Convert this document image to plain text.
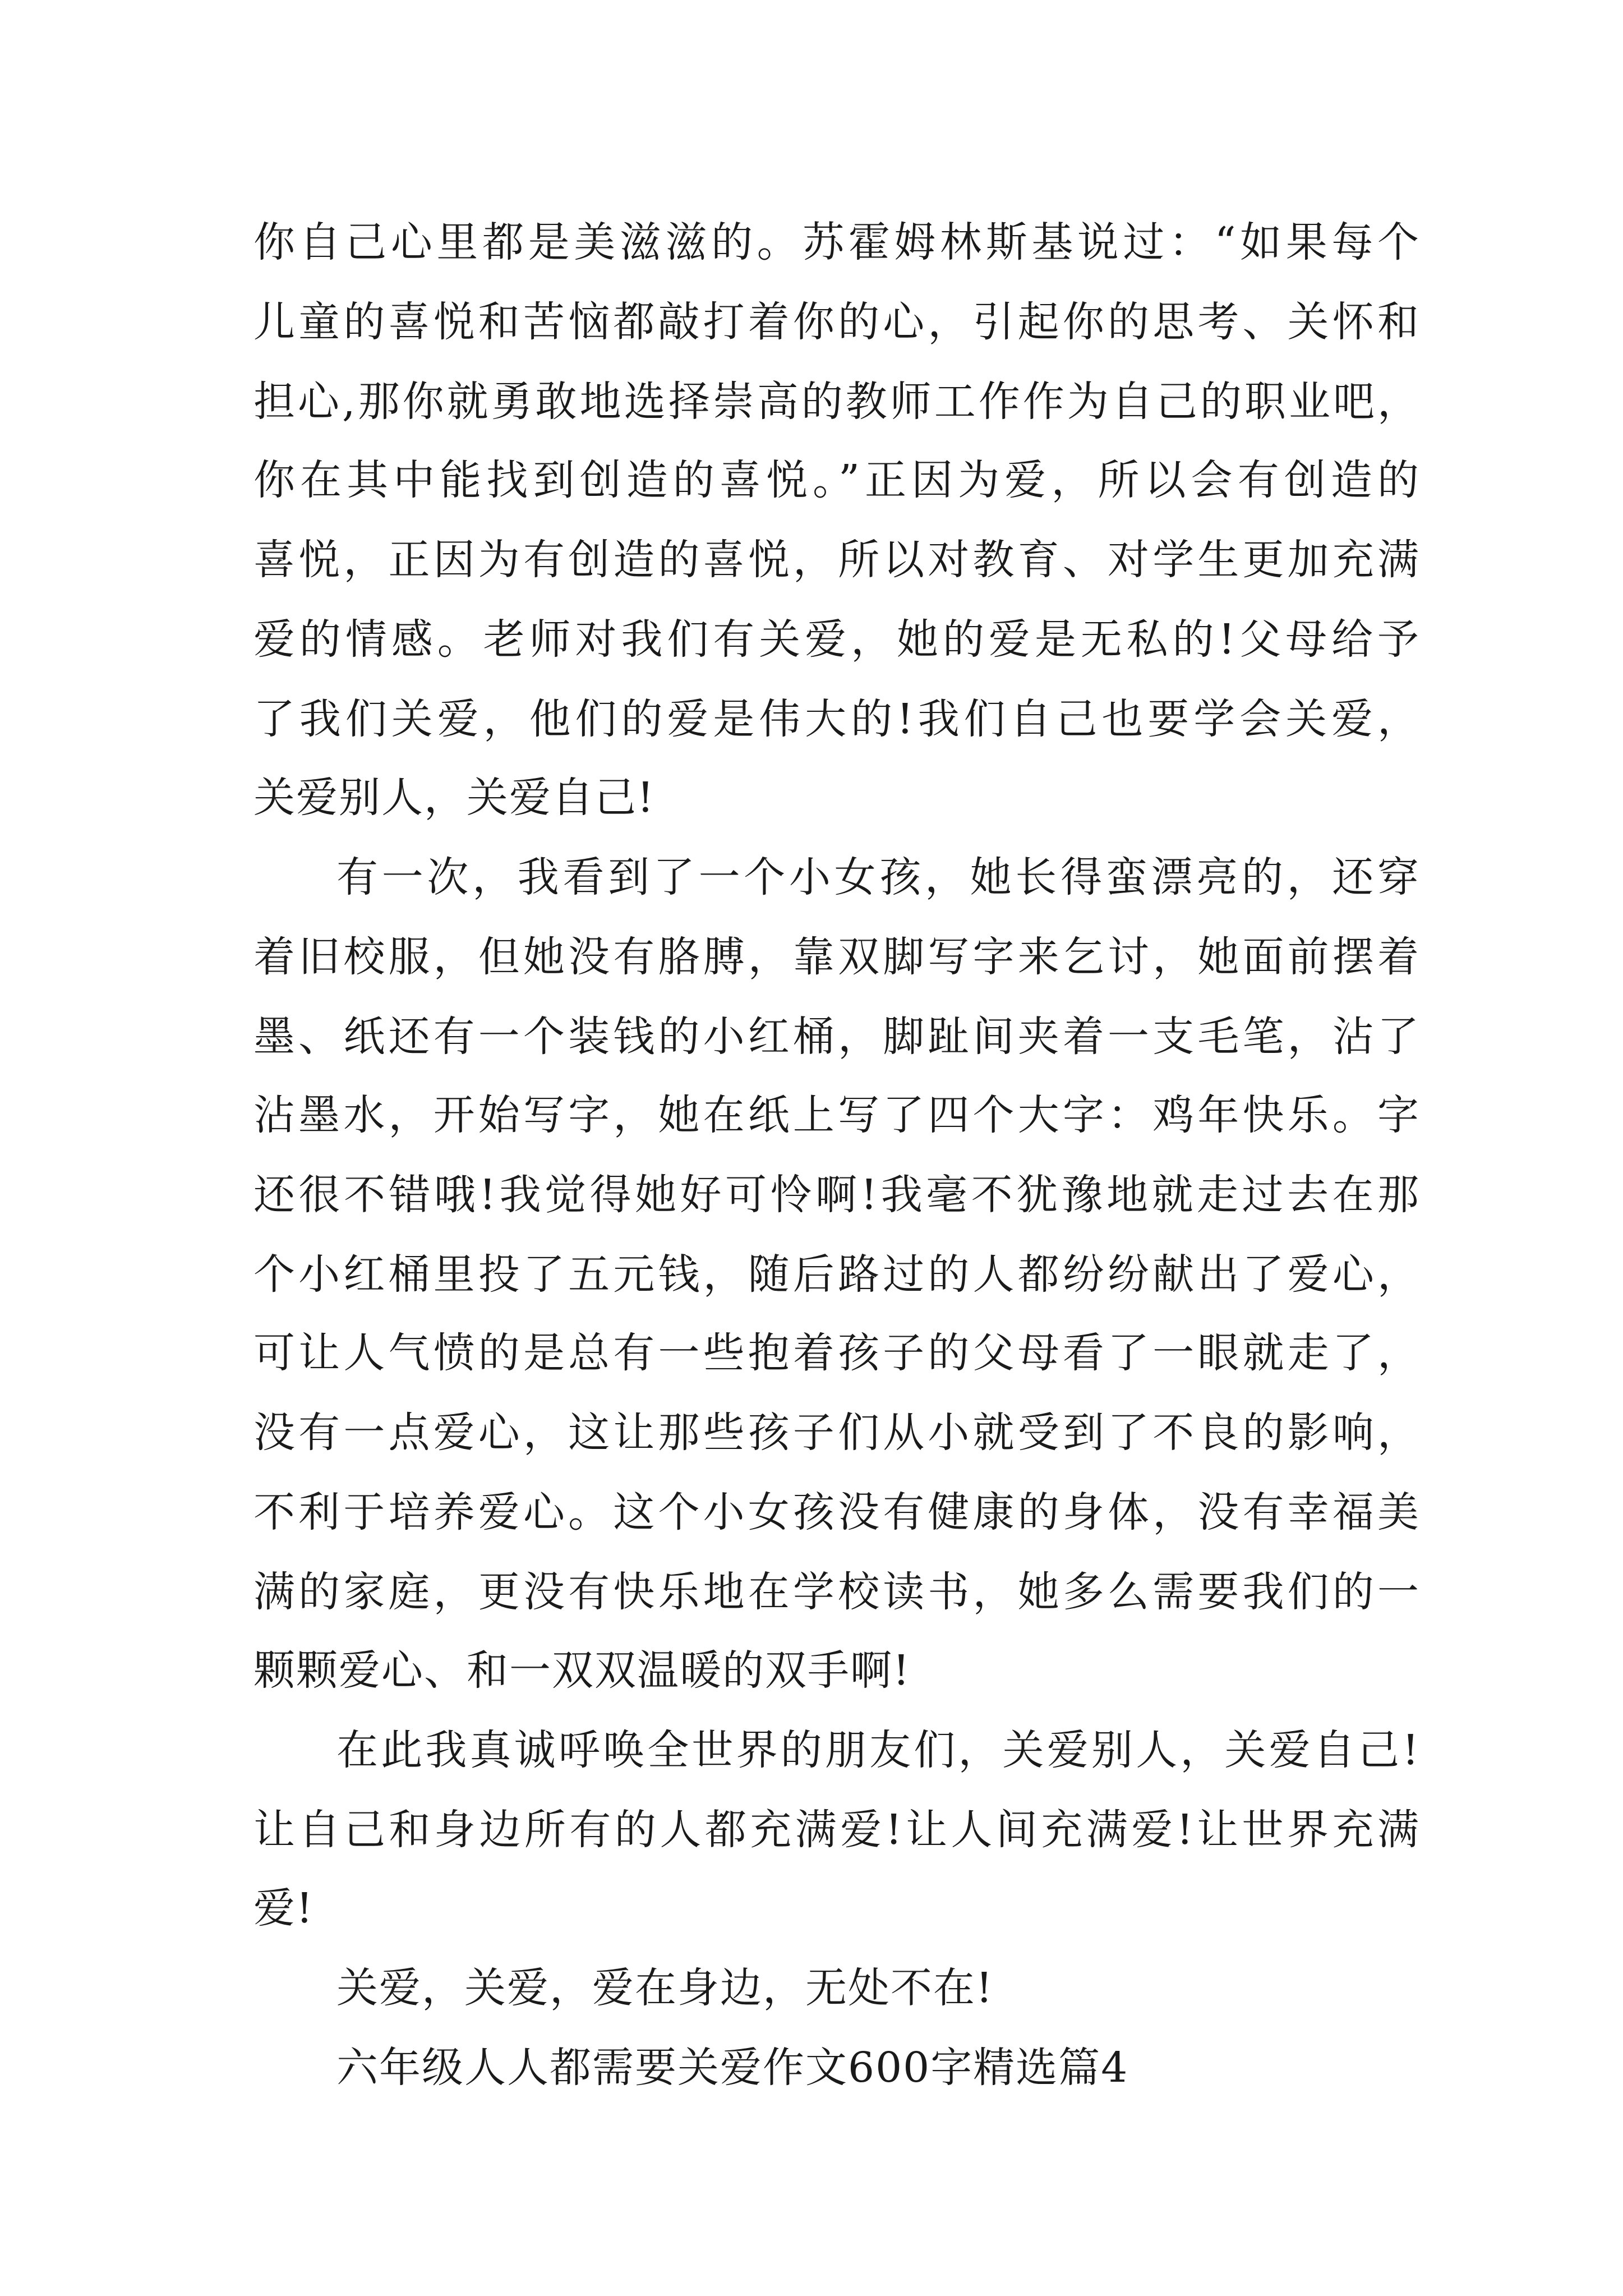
你自己心里都是美滋滋的。苏霍姆林斯基说过：“如果每个

儿童的喜悦和苦恼都敲打着你的心，引起你的思考、关怀和

担心,那你就勇敢地选择崇高的教师工作作为自己的职业吧，

你在其中能找到创造的喜悦。”正因为爱，所以会有创造的

喜悦，正因为有创造的喜悦，所以对教育、对学生更加充满

爱的情感。老师对我们有关爱，她的爱是无私的!父母给予

了我们关爱，他们的爱是伟大的!我们自己也要学会关爱，

关爱别人，关爱自己!

有一次，我看到了一个小女孩，她长得蛮漂亮的，还穿

着旧校服，但她没有胳膊，靠双脚写字来乞讨，她面前摆着

墨、纸还有一个装钱的小红桶，脚趾间夹着一支毛笔，沾了

沾墨水，开始写字，她在纸上写了四个大字：鸡年快乐。字

还很不错哦!我觉得她好可怜啊!我毫不犹豫地就走过去在那

个小红桶里投了五元钱，随后路过的人都纷纷献出了爱心，

可让人气愤的是总有一些抱着孩子的父母看了一眼就走了，

没有一点爱心，这让那些孩子们从小就受到了不良的影响，

不利于培养爱心。这个小女孩没有健康的身体，没有幸福美

满的家庭，更没有快乐地在学校读书，她多么需要我们的一

颗颗爱心、和一双双温暖的双手啊!

在此我真诚呼唤全世界的朋友们，关爱别人，关爱自己!

让自己和身边所有的人都充满爱!让人间充满爱!让世界充满

爱!

关爱，关爱，爱在身边，无处不在!

六年级人人都需要关爱作文600字精选篇4
